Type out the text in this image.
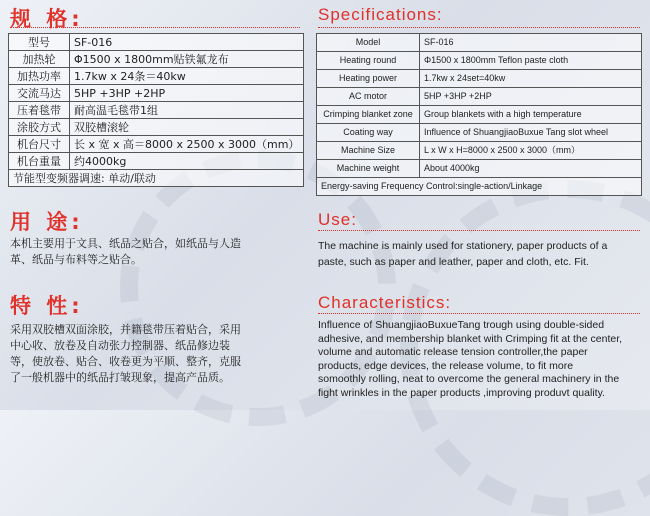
规 格:
型号	SF-016
加热轮	Φ1500 x 1800mm贴铁氟龙布
加热功率	1.7kw x 24条＝40kw
交流马达	5HP +3HP +2HP
压着毯带	耐高温毛毯带1组
涂胶方式	双胶槽滚轮
机台尺寸	长 x 宽 x 高＝8000 x 2500 x 3000（mm）
机台重量	约4000kg
节能型变频器调速: 单动/联动	
Specifications:
Model	SF-016
Heating round	Φ1500 x 1800mm Teflon paste cloth
Heating power	1.7kw x 24set=40kw
AC motor	5HP +3HP +2HP
Crimping blanket zone	Group blankets with a high temperature
Coating way	Influence of ShuangjiaoBuxue Tang slot wheel
Machine Size	L x W x H=8000 x 2500 x 3000（mm）
Machine weight	About 4000kg
Energy-saving Frequency Control:single-action/Linkage	
用 途:
本机主要用于文具、纸品之贴合，如纸品与人造
革、纸品与布料等之贴合。
Use:
The machine is mainly used for stationery, paper products of a
paste, such as paper and leather, paper and cloth, etc. Fit.
特 性:
采用双胶槽双面涂胶，并籍毯带压着贴合，采用
中心收、放卷及自动张力控制器、纸品修边装
等，使放卷、贴合、收卷更为平顺、整齐，克服
了一般机器中的纸品打皱现象，提高产品质。
Characteristics:
Influence of ShuangjiaoBuxueTang trough using double-sided
adhesive, and membership blanket with Crimping fit at the center,
volume and automatic release tension controller,the paper
products, edge devices, the release volume, to fit more
somoothly rolling, neat to overcome the general machinery in the
fight wrinkles in the paper products ,improving produvt quality.
